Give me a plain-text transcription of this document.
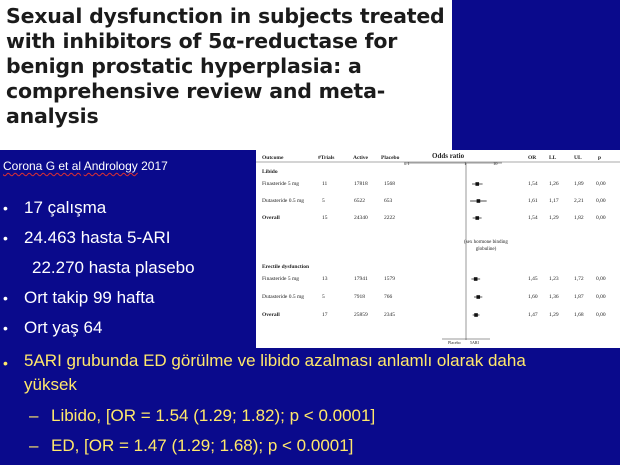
Sexual dysfunction in subjects treated with inhibitors of 5α-reductase for benign prostatic hyperplasia: a comprehensive review and meta-analysis
Corona G et al Andrology 2017
• 17 çalışma
• 24.463 hasta 5-ARI
22.270 hasta plasebo
• Ort takip 99 hafta
• Ort yaş 64
• 5ARI grubunda ED görülme ve libido azalması anlamlı olarak daha yüksek
– Libido, [OR = 1.54 (1.29; 1.82); p < 0.0001]
– ED, [OR = 1.47 (1.29; 1.68); p < 0.0001]
Outcome	#Trials	Active Placebo	Odds ratio	OR LL	UL	p
0.1	1	10
Libido
(sex hormone binding globuline)
Erectile dysfunction
Placebo 5ARI
Finasteride 5 mg	11	17818	1568	1,54 1,26	1,89 0,00
Dutasteride 0.5 mg	5	6522	653	1,61 1,17	2,21 0,00
Overall	15	24340	2222	1,54 1,29	1,82 0,00
Finasteride 5 mg	13	17941	1579	1,45 1,23	1,72 0,00
Dutasteride 0.5 mg	5	7918	766	1,60 1,36	1,87 0,00
Overall	17	25859	2345	1,47 1,29	1,68 0,00
